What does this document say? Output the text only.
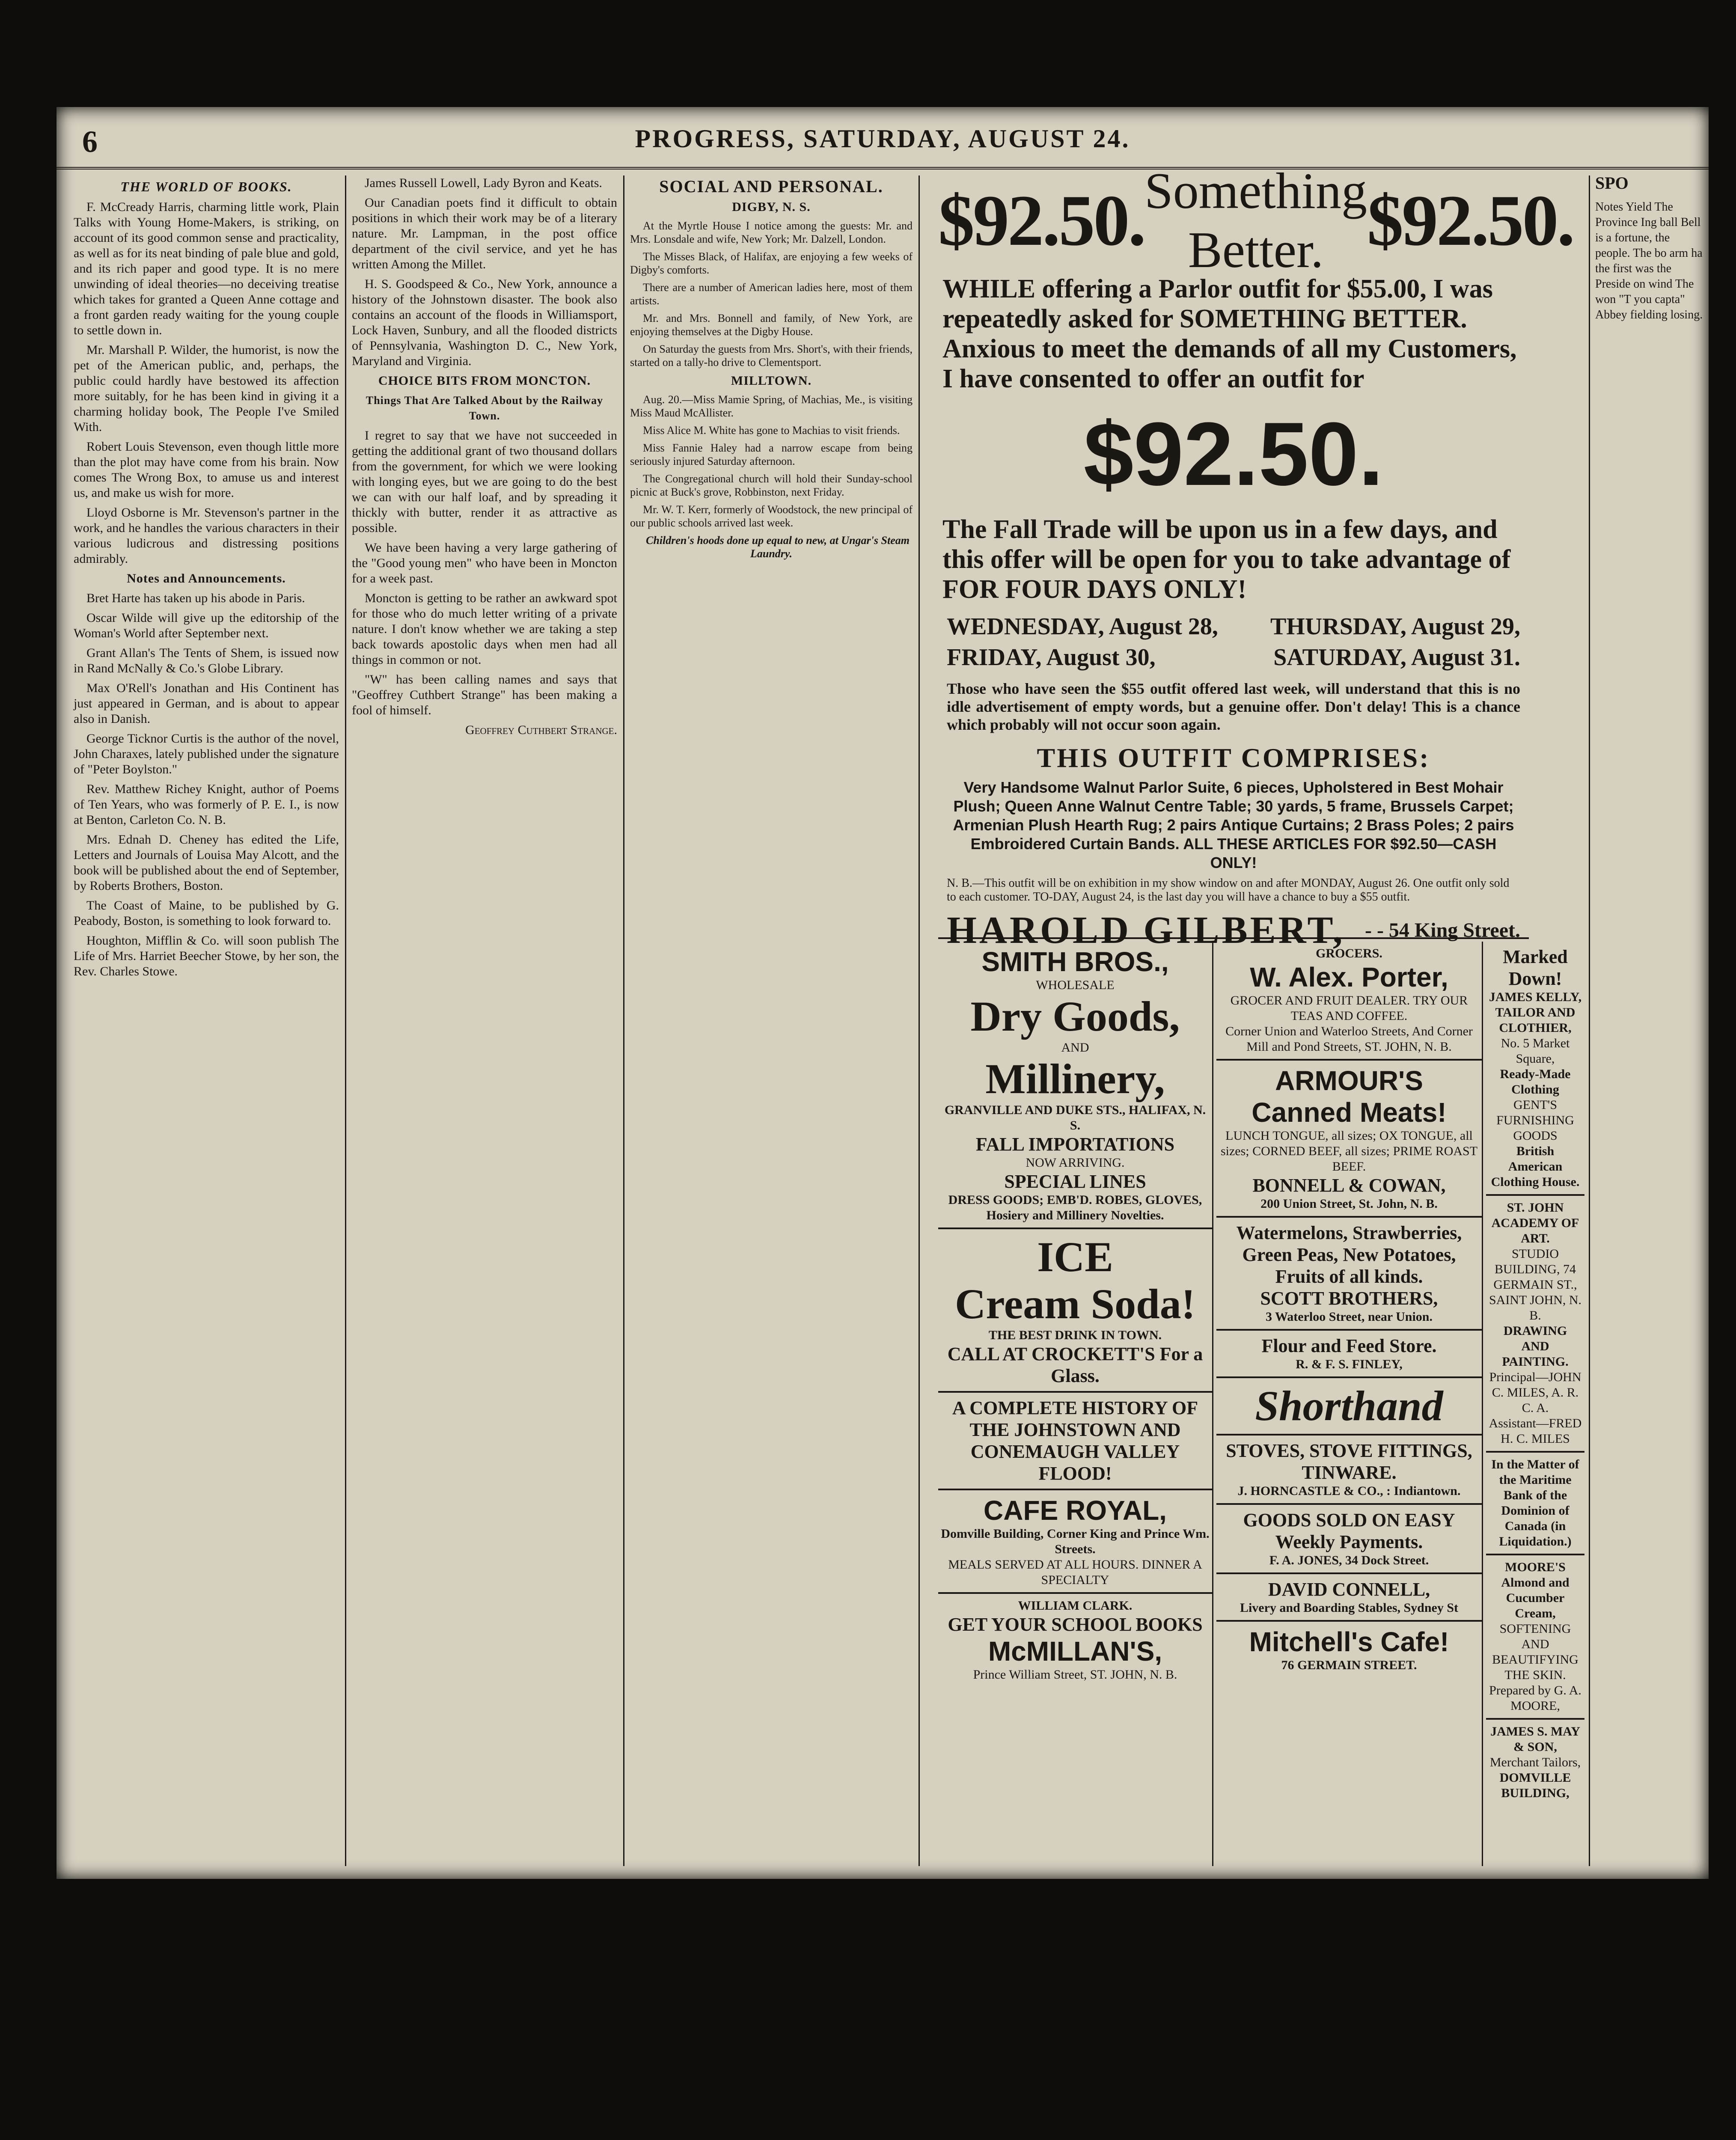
6	PROGRESS, SATURDAY, AUGUST 24.
THE WORLD OF BOOKS.

F. McCready Harris, charming little work, Plain Talks with Young Home-Makers, is striking, on account of its good common sense and practicality, as well as for its neat binding of pale blue and gold, and its rich paper and good type. It is no mere unwinding of ideal theories—no deceiving treatise which takes for granted a Queen Anne cottage and a front garden ready waiting for the young couple to settle down in.

Mr. Marshall P. Wilder, the humorist, is now the pet of the American public, and, perhaps, the public could hardly have bestowed its affection more suitably, for he has been kind in giving it a charming holiday book, The People I've Smiled With.

Robert Louis Stevenson, even though little more than the plot may have come from his brain. Now comes The Wrong Box, to amuse us and interest us, and make us wish for more.

Lloyd Osborne is Mr. Stevenson's partner in the work, and he handles the various characters in their various ludicrous and distressing positions admirably.

Notes and Announcements.

Bret Harte has taken up his abode in Paris.

Oscar Wilde will give up the editorship of the Woman's World after September next.

Grant Allan's The Tents of Shem, is issued now in Rand McNally & Co.'s Globe Library.

Max O'Rell's Jonathan and His Continent has just appeared in German, and is about to appear also in Danish.

George Ticknor Curtis is the author of the novel, John Charaxes, lately published under the signature of "Peter Boylston."

Rev. Matthew Richey Knight, author of Poems of Ten Years, who was formerly of P. E. I., is now at Benton, Carleton Co. N. B.

Mrs. Ednah D. Cheney has edited the Life, Letters and Journals of Louisa May Alcott, and the book will be published about the end of September, by Roberts Brothers, Boston.

The Coast of Maine, to be published by G. Peabody, Boston, is something to look forward to.

Houghton, Mifflin & Co. will soon publish The Life of Mrs. Harriet Beecher Stowe, by her son, the Rev. Charles Stowe.

James Russell Lowell, Lady Byron and Keats.

Our Canadian poets find it difficult to obtain positions in which their work may be of a literary nature. Mr. Lampman, in the post office department of the civil service, and yet he has written Among the Millet.

H. S. Goodspeed & Co., New York, announce a history of the Johnstown disaster. The book also contains an account of the floods in Williamsport, Lock Haven, Sunbury, and all the flooded districts of Pennsylvania, Washington D. C., New York, Maryland and Virginia.

CHOICE BITS FROM MONCTON.
Things That Are Talked About by the Railway Town.

I regret to say that we have not succeeded in getting the additional grant of two thousand dollars from the government, for which we were looking with longing eyes, but we are going to do the best we can with our half loaf, and by spreading it thickly with butter, render it as attractive as possible.

We have been having a very large gathering of the "Good young men" who have been in Moncton for a week past.

Moncton is getting to be rather an awkward spot for those who do much letter writing of a private nature. I don't know whether we are taking a step back towards apostolic days when men had all things in common or not.

"W" has been calling names and says that "Geoffrey Cuthbert Strange" has been making a fool of himself.

Geoffrey Cuthbert Strange.

SOCIAL AND PERSONAL.
DIGBY, N. S.

At the Myrtle House I notice among the guests: Mr. and Mrs. Lonsdale and wife, New York; Mr. Dalzell, London.

The Misses Black, of Halifax, are enjoying a few weeks of Digby's comforts.

There are a number of American ladies here, most of them artists.

Mr. and Mrs. Bonnell and family, of New York, are enjoying themselves at the Digby House.

On Saturday the guests from Mrs. Short's, with their friends, started on a tally-ho drive to Clementsport.

MILLTOWN.

Aug. 20.—Miss Mamie Spring, of Machias, Me., is visiting Miss Maud McAllister.

Miss Alice M. White has gone to Machias to visit friends.

Miss Fannie Haley had a narrow escape from being seriously injured Saturday afternoon.

The Congregational church will hold their Sunday-school picnic at Buck's grove, Robbinston, next Friday.

Mr. W. T. Kerr, formerly of Woodstock, the new principal of our public schools arrived last week.

Children's hoods done up equal to new, at Ungar's Steam Laundry.

$92.50. Something Better. $92.50.
WHILE offering a Parlor outfit for $55.00, I was repeatedly asked for SOMETHING BETTER. Anxious to meet the demands of all my Customers, I have consented to offer an outfit for
$92.50.
The Fall Trade will be upon us in a few days, and this offer will be open for you to take advantage of FOR FOUR DAYS ONLY!
WEDNESDAY, August 28,	THURSDAY, August 29,
FRIDAY, August 30,	SATURDAY, August 31.
Those who have seen the $55 outfit offered last week, will understand that this is no idle advertisement of empty words, but a genuine offer. Don't delay! This is a chance which probably will not occur soon again.
THIS OUTFIT COMPRISES:
Very Handsome Walnut Parlor Suite, 6 pieces, Upholstered in Best Mohair Plush; Queen Anne Walnut Centre Table; 30 yards, 5 frame, Brussels Carpet; Armenian Plush Hearth Rug; 2 pairs Antique Curtains; 2 Brass Poles; 2 pairs Embroidered Curtain Bands. ALL THESE ARTICLES FOR $92.50—CASH ONLY!
N. B.—This outfit will be on exhibition in my show window on and after MONDAY, August 26. One outfit only sold to each customer. TO-DAY, August 24, is the last day you will have a chance to buy a $55 outfit.
HAROLD GILBERT, - - 54 King Street.
SMITH BROS.,
WHOLESALE
Dry Goods,
AND
Millinery,
GRANVILLE AND DUKE STS., HALIFAX, N. S.
FALL IMPORTATIONS
NOW ARRIVING.
SPECIAL LINES
DRESS GOODS; EMB'D. ROBES, GLOVES, Hosiery and Millinery Novelties.
ICE
Cream Soda!
THE BEST DRINK IN TOWN.
CALL AT CROCKETT'S For a Glass.
A COMPLETE HISTORY OF THE JOHNSTOWN AND CONEMAUGH VALLEY FLOOD!
CAFE ROYAL,
Domville Building, Corner King and Prince Wm. Streets.
MEALS SERVED AT ALL HOURS. DINNER A SPECIALTY
WILLIAM CLARK.
GET YOUR SCHOOL BOOKS
McMILLAN'S,
Prince William Street, ST. JOHN, N. B.
GROCERS.
W. Alex. Porter,
GROCER AND FRUIT DEALER. TRY OUR TEAS AND COFFEE.
Corner Union and Waterloo Streets, And Corner Mill and Pond Streets, ST. JOHN, N. B.
ARMOUR'S
Canned Meats!
LUNCH TONGUE, all sizes; OX TONGUE, all sizes; CORNED BEEF, all sizes; PRIME ROAST BEEF.
BONNELL & COWAN,
200 Union Street, St. John, N. B.
Watermelons, Strawberries, Green Peas, New Potatoes, Fruits of all kinds.
SCOTT BROTHERS,
3 Waterloo Street, near Union.
Flour and Feed Store.
R. & F. S. FINLEY,
Shorthand
STOVES, STOVE FITTINGS, TINWARE.
J. HORNCASTLE & CO., : Indiantown.
GOODS SOLD ON EASY Weekly Payments.
F. A. JONES, 34 Dock Street.
DAVID CONNELL,
Livery and Boarding Stables, Sydney St
Mitchell's Cafe!
76 GERMAIN STREET.
SPO
Notes Yield The Province Ing ball Bell is a fortune, the people. The bo arm ha the first was the Preside on wind The won "T you capta" Abbey fielding losing.
Marked Down!
JAMES KELLY,
TAILOR AND CLOTHIER,
No. 5 Market Square,
Ready-Made Clothing
GENT'S FURNISHING GOODS
British American Clothing House.
ST. JOHN ACADEMY OF ART.
STUDIO BUILDING, 74 GERMAIN ST., SAINT JOHN, N. B.
DRAWING AND PAINTING.
Principal—JOHN C. MILES, A. R. C. A.
Assistant—FRED H. C. MILES
In the Matter of the Maritime Bank of the Dominion of Canada (in Liquidation.)
MOORE'S
Almond and Cucumber Cream,
SOFTENING AND BEAUTIFYING THE SKIN.
Prepared by G. A. MOORE,
JAMES S. MAY & SON,
Merchant Tailors,
DOMVILLE BUILDING,
